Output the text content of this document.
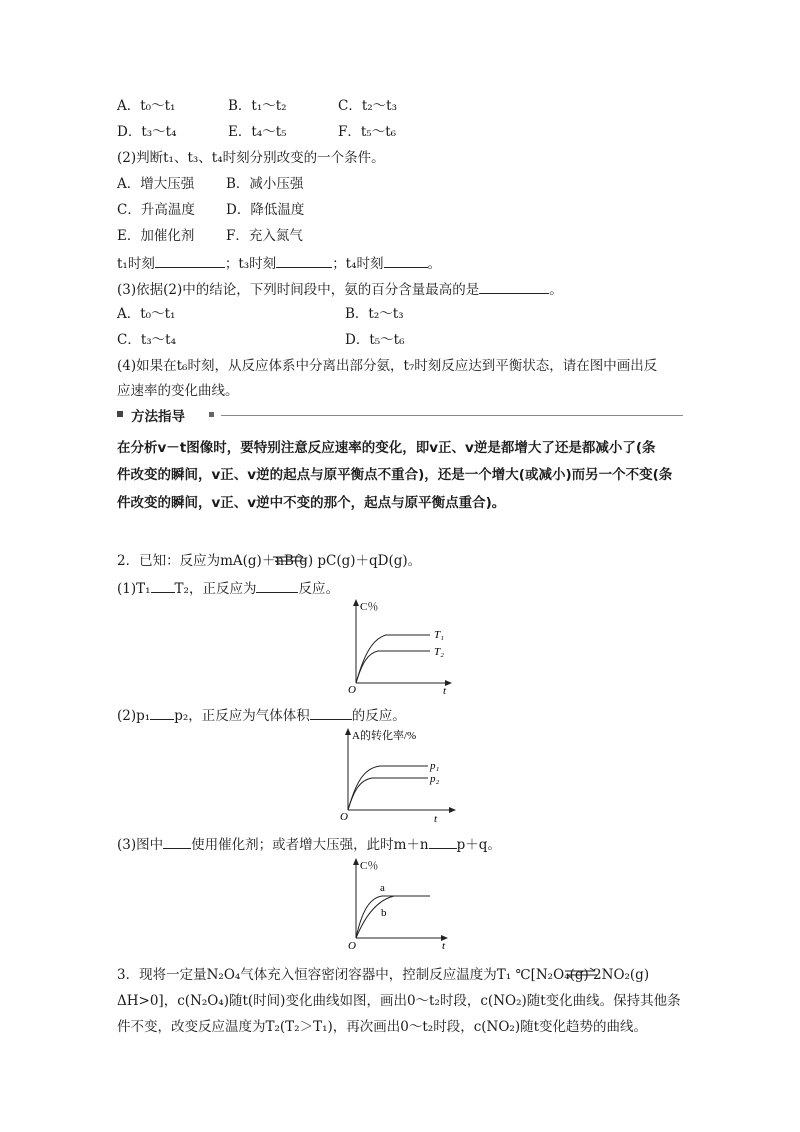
A．t₀～t₁	B．t₁～t₂	C．t₂～t₃
D．t₃～t₄	E．t₄～t₅	F．t₅～t₆
(2)判断t₁、t₃、t₄时刻分别改变的一个条件。
A．增大压强 B．减小压强
C．升高温度 D．降低温度
E．加催化剂 F．充入氮气
t₁时刻	；t₃时刻	；t₄时刻	。
(3)依据(2)中的结论，下列时间段中，氨的百分含量最高的是	。
A．t₀～t₁	B．t₂～t₃
C．t₃～t₄	D．t₅～t₆
(4)如果在t₆时刻，从反应体系中分离出部分氨，t₇时刻反应达到平衡状态，请在图中画出反
应速率的变化曲线。
方法指导
在分析v－t图像时，要特别注意反应速率的变化，即v正、v逆是都增大了还是都减小了(条
件改变的瞬间，v正、v逆的起点与原平衡点不重合)，还是一个增大(或减小)而另一个不变(条
件改变的瞬间，v正、v逆中不变的那个，起点与原平衡点重合)。
2．已知：反应为mA(g)＋nB(g) pC(g)＋qD(g)。
(1)T₁ T₂，正反应为	反应。
C％
O	t
T₁
T₂
(2)p₁ p₂，正反应为气体体积	的反应。
A的转化率/%
O	t
p₁
p₂
(3)图中 使用催化剂；或者增大压强，此时m＋n p＋q。
C％
O	t
a
b
3．现将一定量N₂O₄气体充入恒容密闭容器中，控制反应温度为T₁ ℃[N₂O₄(g) 2NO₂(g)
ΔH>0]，c(N₂O₄)随t(时间)变化曲线如图，画出0～t₂时段，c(NO₂)随t变化曲线。保持其他条
件不变，改变反应温度为T₂(T₂＞T₁)，再次画出0～t₂时段，c(NO₂)随t变化趋势的曲线。
